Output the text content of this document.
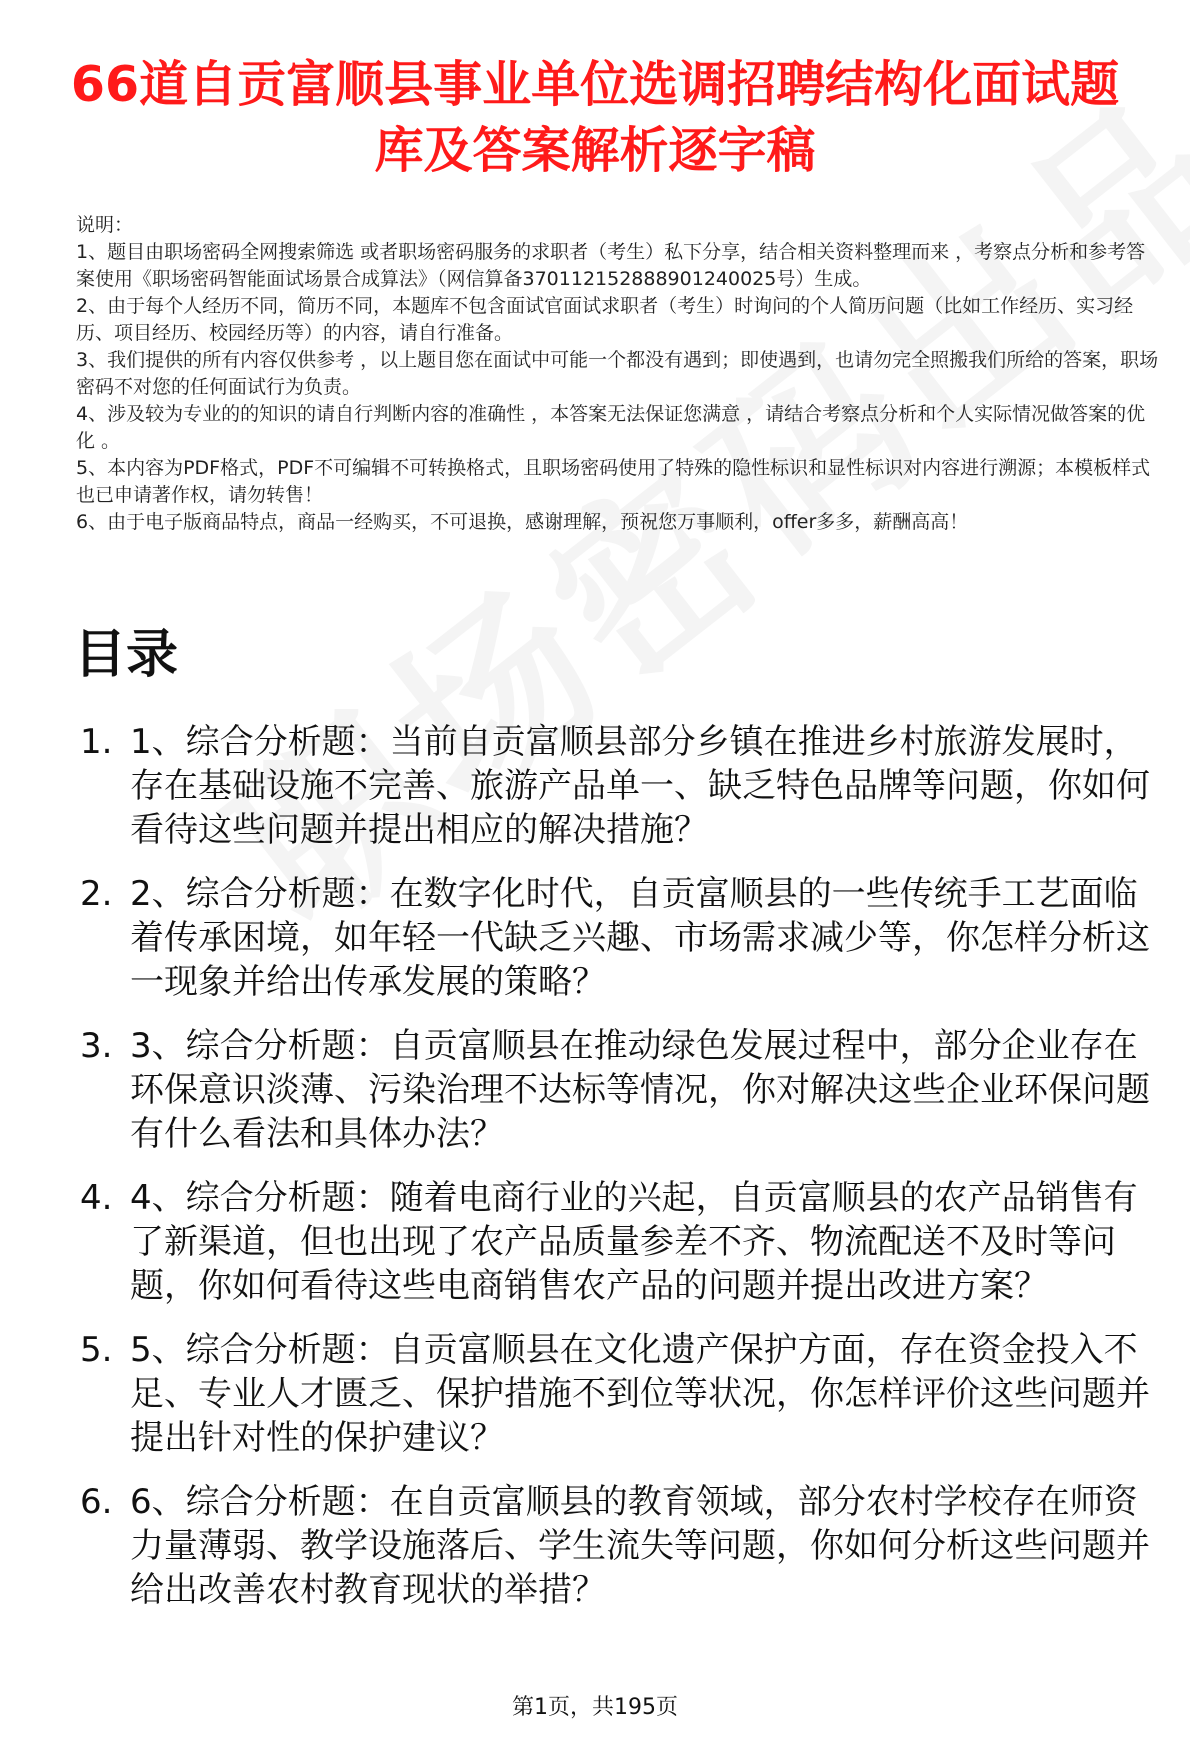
66道自贡富顺县事业单位选调招聘结构化面试题库及答案解析逐字稿

说明：

1、题目由职场密码全网搜索筛选 或者职场密码服务的求职者（考生）私下分享，结合相关资料整理而来 ，考察点分析和参考答案使用《职场密码智能面试场景合成算法》（网信算备370112152888901240025号）生成。

2、由于每个人经历不同，简历不同，本题库不包含面试官面试求职者（考生）时询问的个人简历问题（比如工作经历、实习经历、项目经历、校园经历等）的内容，请自行准备。

3、我们提供的所有内容仅供参考 ，以上题目您在面试中可能一个都没有遇到；即使遇到，也请勿完全照搬我们所给的答案，职场密码不对您的任何面试行为负责。

4、涉及较为专业的的知识的请自行判断内容的准确性 ，本答案无法保证您满意 ，请结合考察点分析和个人实际情况做答案的优化 。

5、本内容为PDF格式，PDF不可编辑不可转换格式，且职场密码使用了特殊的隐性标识和显性标识对内容进行溯源；本模板样式也已申请著作权，请勿转售！

6、由于电子版商品特点，商品一经购买，不可退换，感谢理解，预祝您万事顺利，offer多多，薪酬高高！

目录
1. 1、综合分析题：当前自贡富顺县部分乡镇在推进乡村旅游发展时，存在基础设施不完善、旅游产品单一、缺乏特色品牌等问题，你如何看待这些问题并提出相应的解决措施？
2. 2、综合分析题：在数字化时代，自贡富顺县的一些传统手工艺面临着传承困境，如年轻一代缺乏兴趣、市场需求减少等，你怎样分析这一现象并给出传承发展的策略？
3. 3、综合分析题：自贡富顺县在推动绿色发展过程中，部分企业存在环保意识淡薄、污染治理不达标等情况，你对解决这些企业环保问题有什么看法和具体办法？
4. 4、综合分析题：随着电商行业的兴起，自贡富顺县的农产品销售有了新渠道，但也出现了农产品质量参差不齐、物流配送不及时等问题，你如何看待这些电商销售农产品的问题并提出改进方案？
5. 5、综合分析题：自贡富顺县在文化遗产保护方面，存在资金投入不足、专业人才匮乏、保护措施不到位等状况，你怎样评价这些问题并提出针对性的保护建议？
6. 6、综合分析题：在自贡富顺县的教育领域，部分农村学校存在师资力量薄弱、教学设施落后、学生流失等问题，你如何分析这些问题并给出改善农村教育现状的举措？
第1页，共195页
